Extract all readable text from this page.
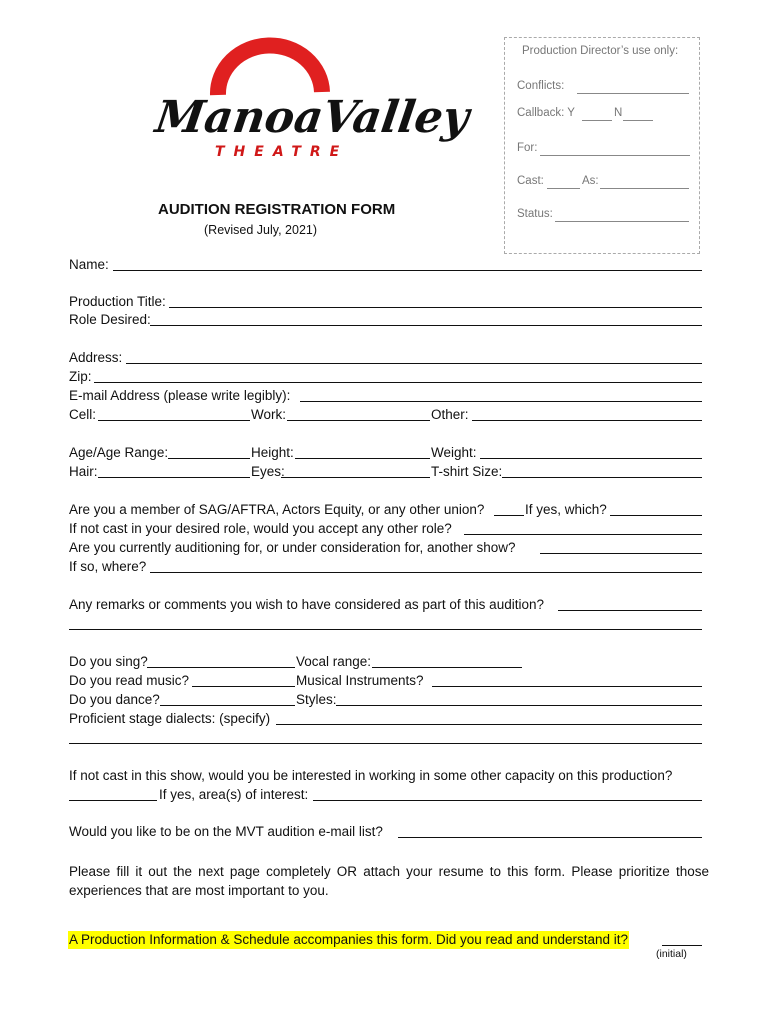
Production Director’s use only:
Conflicts:
Callback: Y	N
For:
Cast:	As:
Status:
ManoaValley
THEATRE
AUDITION REGISTRATION FORM
(Revised July, 2021)
Name:
Production Title:
Role Desired:
Address:
Zip:
E-mail Address (please write legibly):
Cell:	Work:	Other:
Age/Age Range:	Height:	Weight:
Hair:	Eyes:	T-shirt Size:
Are you a member of SAG/AFTRA, Actors Equity, or any other union?	If yes, which?
If not cast in your desired role, would you accept any other role?
Are you currently auditioning for, or under consideration for, another show?
If so, where?
Any remarks or comments you wish to have considered as part of this audition?
Do you sing?	Vocal range:
Do you read music?	Musical Instruments?
Do you dance?	Styles:
Proficient stage dialects: (specify)
If not cast in this show, would you be interested in working in some other capacity on this production?
If yes, area(s) of interest:
Would you like to be on the MVT audition e-mail list?
Please fill it out the next page completely OR attach your resume to this form. Please prioritize those experiences that are most important to you.
A Production Information & Schedule accompanies this form. Did you read and understand it?
(initial)
